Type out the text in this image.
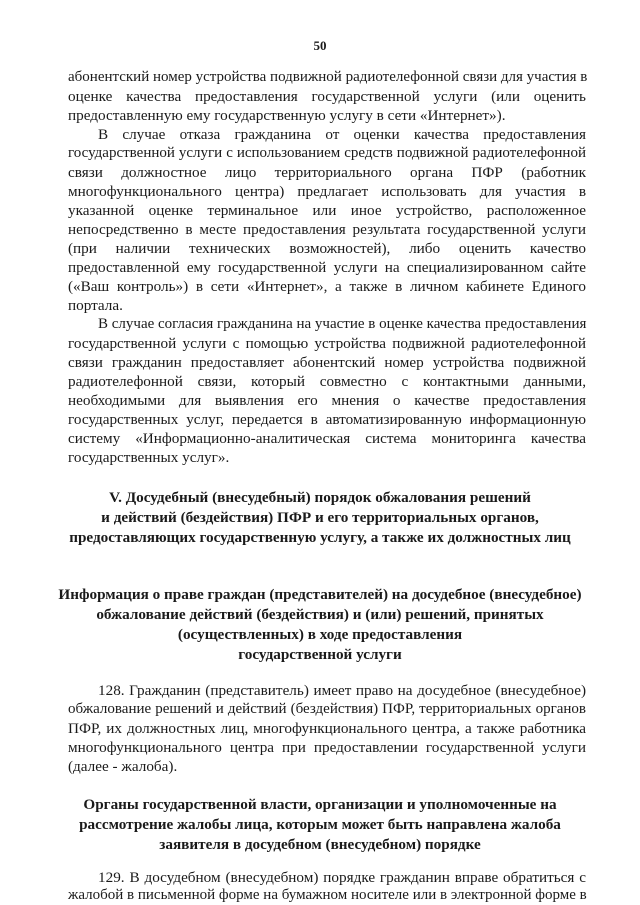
50
абонентский номер устройства подвижной радиотелефонной связи для участия в
оценке качества предоставления государственной услуги (или оценить
предоставленную ему государственную услугу в сети «Интернет»).
В случае отказа гражданина от оценки качества предоставления
государственной услуги с использованием средств подвижной радиотелефонной
связи должностное лицо территориального органа ПФР (работник
многофункционального центра) предлагает использовать для участия в
указанной оценке терминальное или иное устройство, расположенное
непосредственно в месте предоставления результата государственной услуги
(при наличии технических возможностей), либо оценить качество
предоставленной ему государственной услуги на специализированном сайте
(«Ваш контроль») в сети «Интернет», а также в личном кабинете Единого
портала.
В случае согласия гражданина на участие в оценке качества предоставления
государственной услуги с помощью устройства подвижной радиотелефонной
связи гражданин предоставляет абонентский номер устройства подвижной
радиотелефонной связи, который совместно с контактными данными,
необходимыми для выявления его мнения о качестве предоставления
государственных услуг, передается в автоматизированную информационную
систему «Информационно-аналитическая система мониторинга качества
государственных услуг».
V. Досудебный (внесудебный) порядок обжалования решений
и действий (бездействия) ПФР и его территориальных органов,
предоставляющих государственную услугу, а также их должностных лиц
Информация о праве граждан (представителей) на досудебное (внесудебное)
обжалование действий (бездействия) и (или) решений, принятых
(осуществленных) в ходе предоставления
государственной услуги
128. Гражданин (представитель) имеет право на досудебное (внесудебное)
обжалование решений и действий (бездействия) ПФР, территориальных органов
ПФР, их должностных лиц, многофункционального центра, а также работника
многофункционального центра при предоставлении государственной услуги
(далее - жалоба).
Органы государственной власти, организации и уполномоченные на
рассмотрение жалобы лица, которым может быть направлена жалоба
заявителя в досудебном (внесудебном) порядке
129. В досудебном (внесудебном) порядке гражданин вправе обратиться с
жалобой в письменной форме на бумажном носителе или в электронной форме в
